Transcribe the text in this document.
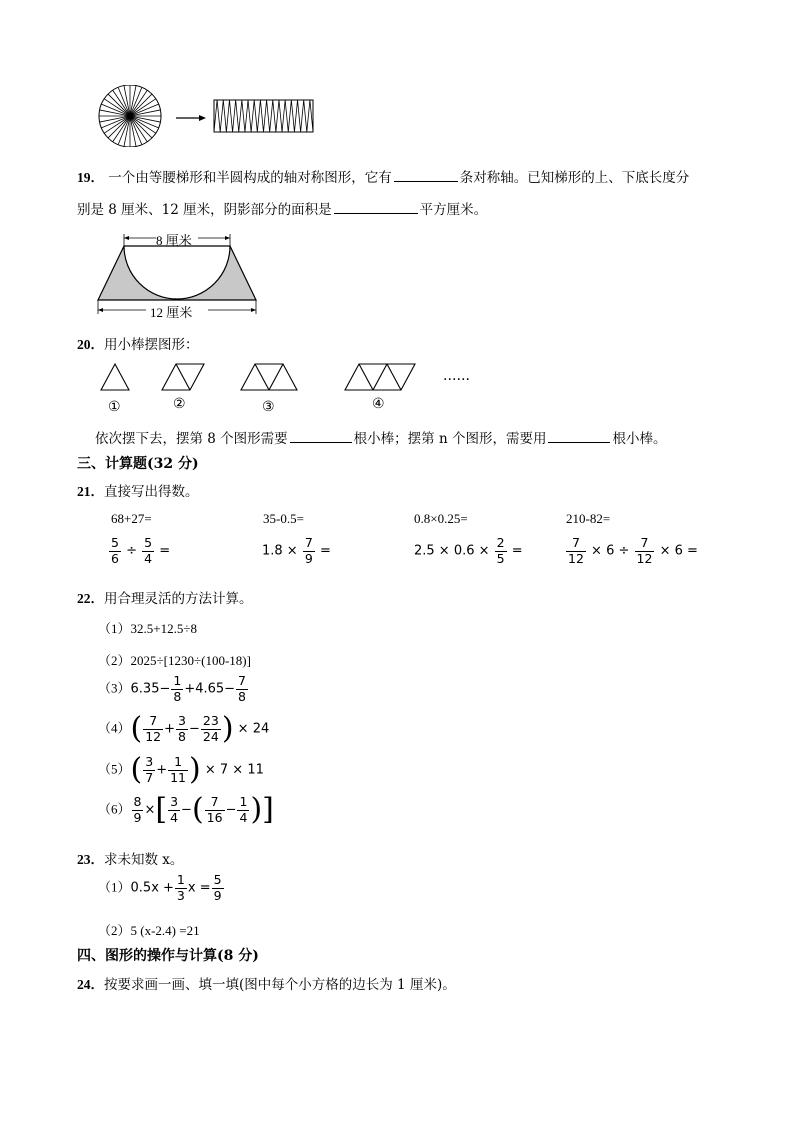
19． 一个由等腰梯形和半圆构成的轴对称图形，它有	条对称轴。已知梯形的上、下底长度分
别是 8 厘米、12 厘米，阴影部分的面积是	平方厘米。
8 厘米
12 厘米
20．用小棒摆图形：
①	②	③	④
……
依次摆下去，摆第 8 个图形需要	根小棒；摆第 n 个图形，需要用	根小棒。
三、计算题(32 分)
21．直接写出得数。
68+27=	35-0.5=	0.8×0.25=	210-82=
$\frac{5}{6} \div \frac{5}{4}$ =	$1.8 \times \frac{7}{9}$ =	$2.5 \times 0.6 \times \frac{2}{5}$ =	$\frac{7}{12} \times 6 \div \frac{7}{12} \times 6$ =
22．用合理灵活的方法计算。
（1）32.5+12.5÷8
（2）2025÷[1230÷(100-18)]
$(3)6.35- \frac{1}{8} +4.65- \frac{7}{8}$
$(4)( \frac{7}{12} + \frac{3}{8} - \frac{23}{24}$ ) × 24
$(5)( \frac{3}{7} + \frac{1}{11}$ ) × 7 × 11
$(6) \frac{8}{9}$ ×[ $\frac{3}{4}$ −( $\frac{7}{16} - \frac{1}{4}$ )]
23．求未知数 x。
$(1)0.5x + \frac{1}{3}$ $x = \frac{5}{9}$
（2）5 (x-2.4) =21
四、图形的操作与计算(8 分)
24．按要求画一画、填一填(图中每个小方格的边长为 1 厘米)。
